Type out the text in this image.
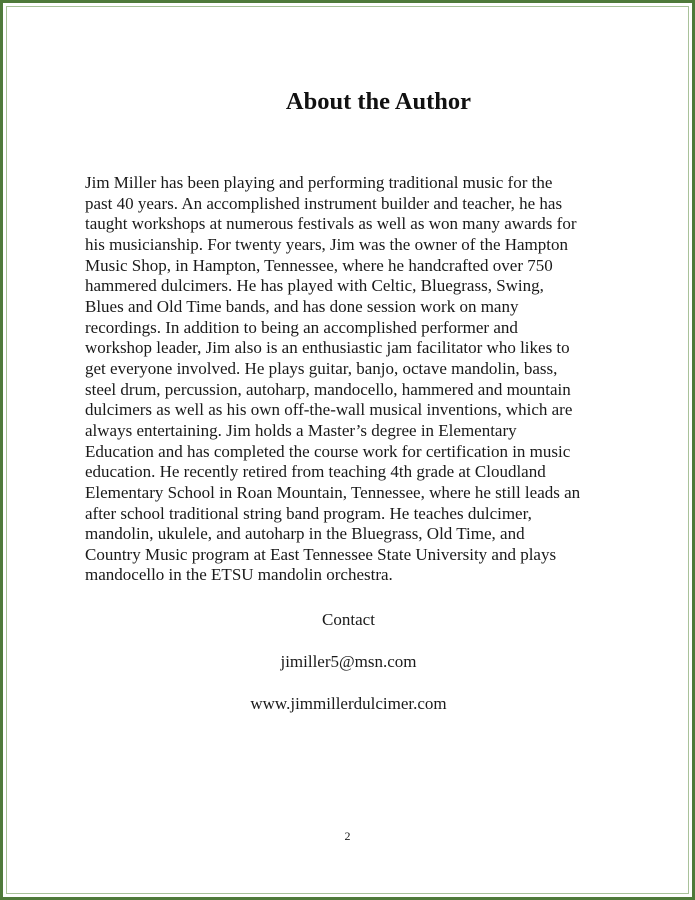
About the Author

Jim Miller has been playing and performing traditional music for the
past 40 years. An accomplished instrument builder and teacher, he has
taught workshops at numerous festivals as well as won many awards for
his musicianship. For twenty years, Jim was the owner of the Hampton
Music Shop, in Hampton, Tennessee, where he handcrafted over 750
hammered dulcimers. He has played with Celtic, Bluegrass, Swing,
Blues and Old Time bands, and has done session work on many
recordings. In addition to being an accomplished performer and
workshop leader, Jim also is an enthusiastic jam facilitator who likes to
get everyone involved. He plays guitar, banjo, octave mandolin, bass,
steel drum, percussion, autoharp, mandocello, hammered and mountain
dulcimers as well as his own off-the-wall musical inventions, which are
always entertaining. Jim holds a Master’s degree in Elementary
Education and has completed the course work for certification in music
education. He recently retired from teaching 4th grade at Cloudland
Elementary School in Roan Mountain, Tennessee, where he still leads an
after school traditional string band program. He teaches dulcimer,
mandolin, ukulele, and autoharp in the Bluegrass, Old Time, and
Country Music program at East Tennessee State University and plays
mandocello in the ETSU mandolin orchestra.

Contact
jimiller5@msn.com
www.jimmillerdulcimer.com
2
